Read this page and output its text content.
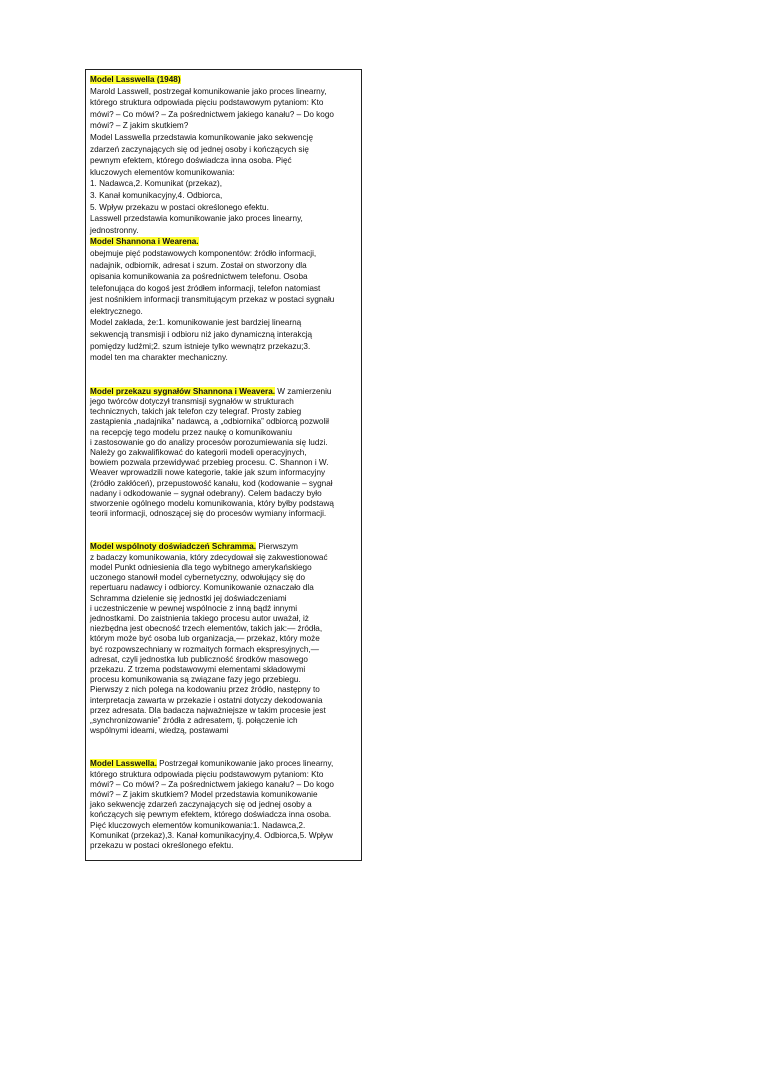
Model Lasswella (1948)

Marold Lasswell, postrzegał komunikowanie jako proces linearny,

którego struktura odpowiada pięciu podstawowym pytaniom: Kto

mówi? – Co mówi? – Za pośrednictwem jakiego kanału? – Do kogo

mówi? – Z jakim skutkiem?

Model Lasswella przedstawia komunikowanie jako sekwencję

zdarzeń zaczynających się od jednej osoby i kończących się

pewnym efektem, którego doświadcza inna osoba. Pięć

kluczowych elementów komunikowania:

1. Nadawca,2. Komunikat (przekaz),

3. Kanał komunikacyjny,4. Odbiorca,

5. Wpływ przekazu w postaci określonego efektu.

Lasswell przedstawia komunikowanie jako proces linearny,

jednostronny.

Model Shannona i Wearena.

obejmuje pięć podstawowych komponentów: źródło informacji,

nadajnik, odbiornik, adresat i szum. Został on stworzony dla

opisania komunikowania za pośrednictwem telefonu. Osoba

telefonująca do kogoś jest źródłem informacji, telefon natomiast

jest nośnikiem informacji transmitującym przekaz w postaci sygnału

elektrycznego.

Model zakłada, że:1. komunikowanie jest bardziej linearną

sekwencją transmisji i odbioru niż jako dynamiczną interakcją

pomiędzy ludźmi;2. szum istnieje tylko wewnątrz przekazu;3.

model ten ma charakter mechaniczny.

Model przekazu sygnałów Shannona i Weavera. W zamierzeniu

jego twórców dotyczył transmisji sygnałów w strukturach

technicznych, takich jak telefon czy telegraf. Prosty zabieg

zastąpienia „nadajnika” nadawcą, a „odbiornika” odbiorcą pozwolił

na recepcję tego modelu przez naukę o komunikowaniu

i zastosowanie go do analizy procesów porozumiewania się ludzi.

Należy go zakwalifikować do kategorii modeli operacyjnych,

bowiem pozwala przewidywać przebieg procesu. C. Shannon i W.

Weaver wprowadzili nowe kategorie, takie jak szum informacyjny

(źródło zakłóceń), przepustowość kanału, kod (kodowanie – sygnał

nadany i odkodowanie – sygnał odebrany). Celem badaczy było

stworzenie ogólnego modelu komunikowania, który byłby podstawą

teorii informacji, odnoszącej się do procesów wymiany informacji.

Model wspólnoty doświadczeń Schramma. Pierwszym

z badaczy komunikowania, który zdecydował się zakwestionować

model Punkt odniesienia dla tego wybitnego amerykańskiego

uczonego stanowił model cybernetyczny, odwołujący się do

repertuaru nadawcy i odbiorcy. Komunikowanie oznaczało dla

Schramma dzielenie się jednostki jej doświadczeniami

i uczestniczenie w pewnej wspólnocie z inną bądź innymi

jednostkami. Do zaistnienia takiego procesu autor uważał, iż

niezbędna jest obecność trzech elementów, takich jak:— źródła,

którym może być osoba lub organizacja,— przekaz, który może

być rozpowszechniany w rozmaitych formach ekspresyjnych,—

adresat, czyli jednostka lub publiczność środków masowego

przekazu. Z trzema podstawowymi elementami składowymi

procesu komunikowania są związane fazy jego przebiegu.

Pierwszy z nich polega na kodowaniu przez źródło, następny to

interpretacja zawarta w przekazie i ostatni dotyczy dekodowania

przez adresata. Dla badacza najważniejsze w takim procesie jest

„synchronizowanie” źródła z adresatem, tj. połączenie ich

wspólnymi ideami, wiedzą, postawami

Model Lasswella. Postrzegał komunikowanie jako proces linearny,

którego struktura odpowiada pięciu podstawowym pytaniom: Kto

mówi? – Co mówi? – Za pośrednictwem jakiego kanału? – Do kogo

mówi? – Z jakim skutkiem? Model przedstawia komunikowanie

jako sekwencję zdarzeń zaczynających się od jednej osoby a

kończących się pewnym efektem, którego doświadcza inna osoba.

Pięć kluczowych elementów komunikowania:1. Nadawca,2.

Komunikat (przekaz),3. Kanał komunikacyjny,4. Odbiorca,5. Wpływ

przekazu w postaci określonego efektu.
